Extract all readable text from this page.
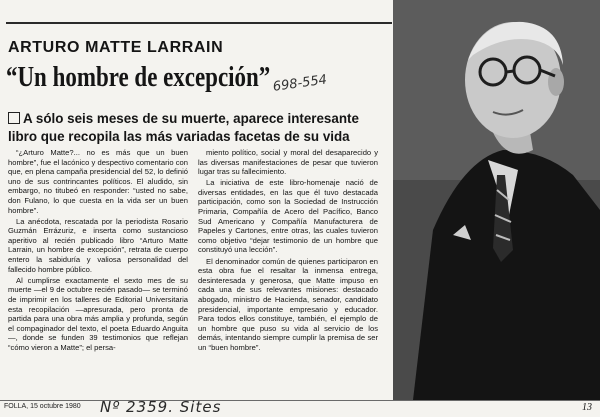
ARTURO MATTE LARRAIN
“Un hombre de excepción” 698-554
A sólo seis meses de su muerte, aparece interesante libro que recopila las más variadas facetas de su vida

“¿Arturo Matte?... no es más que un buen hombre”, fue el lacónico y despectivo comentario con que, en plena campaña presidencial del 52, lo definió uno de sus contrincantes políticos. El aludido, sin embargo, no titubeó en responder: “usted no sabe, don Fulano, lo que cuesta en la vida ser un buen hombre”.

La anécdota, rescatada por la periodista Rosario Guzmán Errázuriz, e inserta como sustancioso aperitivo al recién publicado libro “Arturo Matte Larrain, un hombre de excepción”, retrata de cuerpo entero la sabiduría y valiosa personalidad del fallecido hombre público.

Al cumplirse exactamente el sexto mes de su muerte —el 9 de octubre recién pasado— se terminó de imprimir en los talleres de Editorial Universitaria esta recopilación —apresurada, pero pronta de partida para una obra más amplia y profunda, según el compaginador del texto, el poeta Eduardo Anguita—, donde se funden 39 testimonios que reflejan “cómo vieron a Matte”; el persa-

miento político, social y moral del desaparecido y las diversas manifestaciones de pesar que tuvieron lugar tras su fallecimiento.

La iniciativa de este libro-homenaje nació de diversas entidades, en las que él tuvo destacada participación, como son la Sociedad de Instrucción Primaria, Compañía de Acero del Pacífico, Banco Sud Americano y Compañía Manufacturera de Papeles y Cartones, entre otras, las cuales tuvieron como objetivo “dejar testimonio de un hombre que constituyó una lección”.

El denominador común de quienes participaron en esta obra fue el resaltar la inmensa entrega, desinteresada y generosa, que Matte impuso en cada una de sus relevantes misiones: destacado abogado, ministro de Hacienda, senador, candidato presidencial, importante empresario y educador. Para todos ellos constituye, también, el ejemplo de un hombre que puso su vida al servicio de los demás, intentando siempre cumplir la premisa de ser un “buen hombre”.

FOLLA, 15 octubre 1980 Nº 2359. Sites	13
